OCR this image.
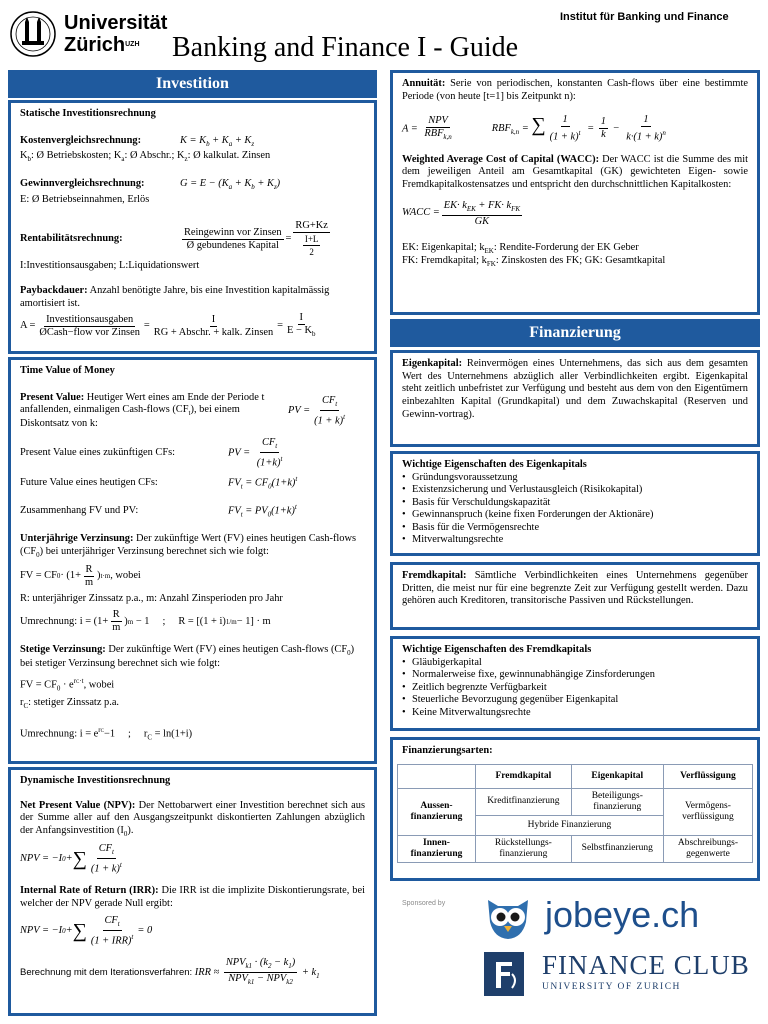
Universität
Zürich$^{UZH}$
Institut für Banking und Finance
Banking and Finance I - Guide
Investition
Statische Investitionsrechnung
Kostenvergleichsrechnung:	$K = K_b + K_a + K_z$
$K_b$: Ø Betriebskosten; $K_a$: Ø Abschr.; $K_z$: Ø kalkulat. Zinsen
Gewinnvergleichsrechnung:	$G = E - (K_a + K_b + K_z)$
E: Ø Betriebseinnahmen, Erlös
Rentabilitätsrechnung:	$\frac{\text{Reingewinn vor Zinsen}}{\text{Ø gebundenes Kapital}} = \frac{RG+Kz}{\frac{I+L}{2}}$
I:Investitionsausgaben; L:Liquidationswert
Paybackdauer: Anzahl benötigte Jahre, bis eine Investition kapitalmässig amortisiert ist.
$A = \frac{\text{Investitionsausgaben}}{\text{ØCash−flow vor Zinsen}} = \frac{I}{\text{RG + Abschr. + kalk. Zinsen}} = \frac{I}{E - K_b}$
Time Value of Money
Present Value: Heutiger Wert eines am Ende der Periode t anfallenden, einmaligen Cash-flows $(CF_t)$, bei einem Diskontsatz von k:
PV = $\frac{CF_t}{(1 + k)^t}$
Present Value eines zukünftigen CFs:	PV = $\frac{CF_t}{(1+k)^t}$
Future Value eines heutigen CFs:	$FV_t = CF_0(1+k)^t$
Zusammenhang FV und PV:	$FV_t = PV_0(1+k)^t$
Unterjährige Verzinsung: Der zukünftige Wert (FV) eines heutigen Cash-flows $(CF_0)$ bei unterjähriger Verzinsung berechnet sich wie folgt:
FV = CF $0 \cdot (1+ \frac{R}{m}$ ) t·m , wobei
R: unterjähriger Zinssatz p.a., m: Anzahl Zinsperioden pro Jahr
Umrechnung: $i = (1+ \frac{R}{m}$ ) m − 1     ;     R = [(1 + i) 1/m − 1] · m
Stetige Verzinsung: Der zukünftige Wert (FV) eines heutigen Cash-flows $(CF_0)$ bei stetiger Verzinsung berechnet sich wie folgt:
FV = $CF_0 \cdot e^{rC\cdot t}$, wobei
$r_C$: stetiger Zinssatz p.a.
Umrechnung: $i = e^{rC}-1$     ;     $r_C = \ln(1+i)$
Dynamische Investitionsrechnung
Net Present Value (NPV): Der Nettobarwert einer Investition berechnet sich aus der Summe aller auf den Ausgangszeitpunkt diskontierten Zahlungen abzüglich der Anfangsinvestition $(I_0)$.
NPV = −I 0 + ∑ $\frac{CF_t}{(1 + k)^t}$
Internal Rate of Return (IRR): Die IRR ist die implizite Diskontierungsrate, bei welcher der NPV gerade Null ergibt:
NPV = −I 0 + ∑ $\frac{CF_t}{(1 + IRR)^t} = 0$
Berechnung mit dem Iterationsverfahren:
IRR ≈ $\frac{NPV_{k1} \cdot (k_2 - k_1)}{NPV_{k1} - NPV_{k2}} + k_1$
Annuität: Serie von periodischen, konstanten Cash-flows über eine bestimmte Periode (von heute [t=1] bis Zeitpunkt n):
$A = \frac{\text{NPV}}{RBF_{k,n}}$	$RBF_{k,n}$ = ∑ $\frac{1}{(1 + k)^t} = \frac{1}{k} - \frac{1}{k\cdot(1 + k)^n}$
Weighted Average Cost of Capital (WACC): Der WACC ist die Summe des mit dem jeweiligen Anteil am Gesamtkapital (GK) gewichteten Eigen- sowie Fremdkapitalkostensatzes und entspricht den durchschnittlichen Kapitalkosten:
WACC = $\frac{EK\cdot k_{EK} + FK\cdot k_{FK}}{GK}$
EK: Eigenkapital; $k_{EK}$: Rendite-Forderung der EK Geber
FK: Fremdkapital; $k_{FK}$: Zinskosten des FK; GK: Gesamtkapital
Finanzierung
Eigenkapital: Reinvermögen eines Unternehmens, das sich aus dem gesamten Wert des Unternehmens abzüglich aller Verbindlichkeiten ergibt. Eigenkapital steht zeitlich unbefristet zur Verfügung und besteht aus dem von den Eigentümern einbezahlten Kapital (Grundkapital) und dem Zuwachskapital (Reserven und Gewinn-vortrag).
Wichtige Eigenschaften des Eigenkapitals
• Gründungsvoraussetzung
• Existenzsicherung und Verlustausgleich (Risikokapital)
• Basis für Verschuldungskapazität
• Gewinnanspruch (keine fixen Forderungen der Aktionäre)
• Basis für die Vermögensrechte
• Mitverwaltungsrechte
Fremdkapital: Sämtliche Verbindlichkeiten eines Unternehmens gegenüber Dritten, die meist nur für eine begrenzte Zeit zur Verfügung gestellt werden. Dazu gehören auch Kreditoren, transitorische Passiven und Rückstellungen.
Wichtige Eigenschaften des Fremdkapitals
• Gläubigerkapital
• Normalerweise fixe, gewinnunabhängige Zinsforderungen
• Zeitlich begrenzte Verfügbarkeit
• Steuerliche Bevorzugung gegenüber Eigenkapital
• Keine Mitverwaltungsrechte
Finanzierungsarten:
	Fremdkapital	Eigenkapital	Verflüssigung
Aussen-finanzierung	Kreditfinanzierung	Beteiligungs-finanzierung	Vermögens-verflüssigung
	Hybride Finanzierung		
Innen-finanzierung	Rückstellungs-finanzierung	Selbstfinanzierung	Abschreibungs-gegenwerte
Sponsored by	jobeye.ch
FINANCE CLUB
UNIVERSITY OF ZURICH
